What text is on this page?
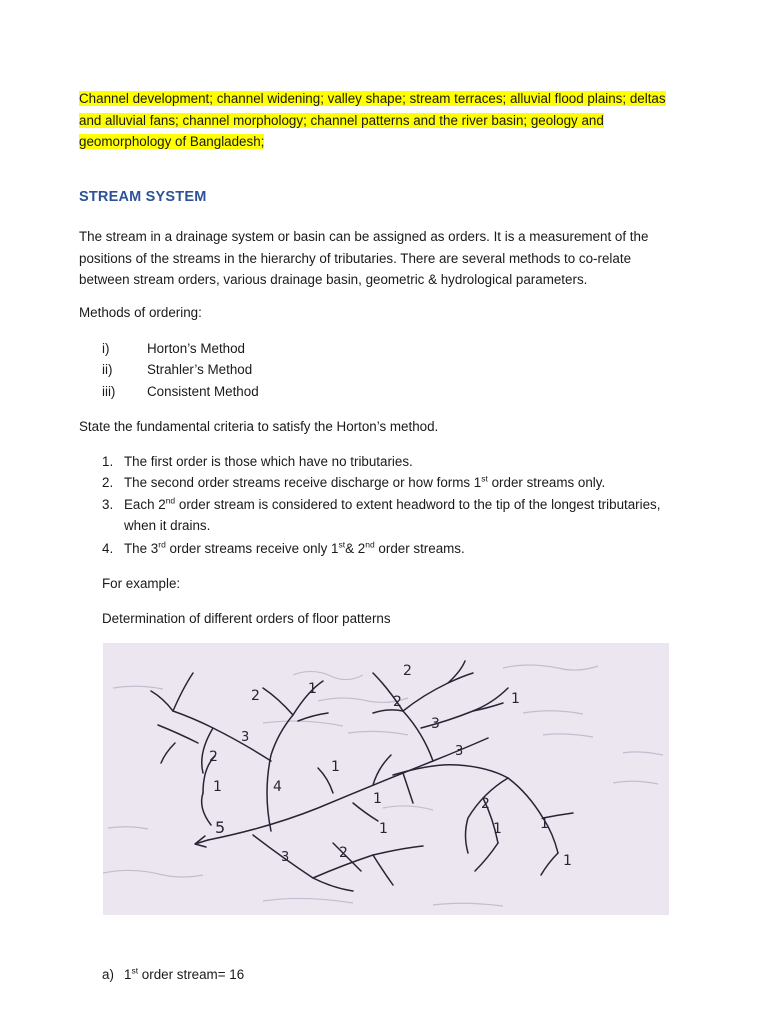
Channel development; channel widening; valley shape; stream terraces; alluvial flood plains; deltas
and alluvial fans; channel morphology; channel patterns and the river basin; geology and
geomorphology of Bangladesh;
STREAM SYSTEM
The stream in a drainage system or basin can be assigned as orders. It is a measurement of the
positions of the streams in the hierarchy of tributaries. There are several methods to co-relate
between stream orders, various drainage basin, geometric & hydrological parameters.
Methods of ordering:
i)	Horton’s Method
ii)	Strahler’s Method
iii) Consistent Method
State the fundamental criteria to satisfy the Horton’s method.
1. The first order is those which have no tributaries.
2. The second order streams receive discharge or how forms 1st order streams only.
3. Each 2nd order stream is considered to extent headword to the tip of the longest tributaries,
when it drains.
4. The 3rd order streams receive only 1st& 2nd order streams.
For example:
Determination of different orders of floor patterns
2	1
3
2
1	4
5
1
2
3
2	1
1
3
2
3	2
1	1	1
1
a) 1st order stream= 16
